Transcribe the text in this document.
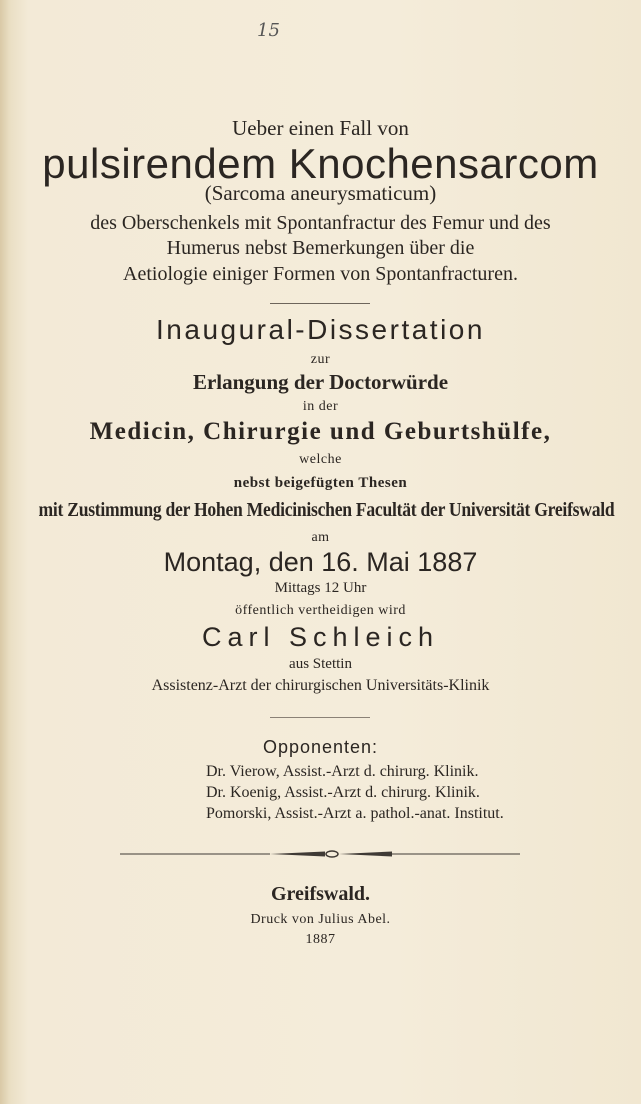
15
Ueber einen Fall von
pulsirendem Knochensarcom
(Sarcoma aneurysmaticum)
des Oberschenkels mit Spontanfractur des Femur und des
Humerus nebst Bemerkungen über die
Aetiologie einiger Formen von Spontanfracturen.
Inaugural-Dissertation
zur
Erlangung der Doctorwürde
in der
Medicin, Chirurgie und Geburtshülfe,
welche
nebst beigefügten Thesen
mit Zustimmung der Hohen Medicinischen Facultät der Universität Greifswald
am
Montag, den 16. Mai 1887
Mittags 12 Uhr
öffentlich vertheidigen wird
Carl Schleich
aus Stettin
Assistenz-Arzt der chirurgischen Universitäts-Klinik
Opponenten:
Dr. Vierow, Assist.-Arzt d. chirurg. Klinik.
Dr. Koenig, Assist.-Arzt d. chirurg. Klinik.
Pomorski, Assist.-Arzt a. pathol.-anat. Institut.
Greifswald.
Druck von Julius Abel.
1887
